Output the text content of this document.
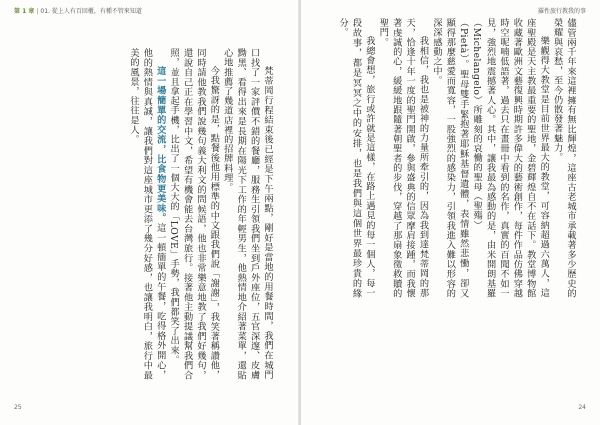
第 1 章 | 01. 從上人有百回櫃，有種不管來知道

梵蒂岡行程結束後已經是下午兩點，剛好是當地的用餐時間，我們在城門口找了一家評價不錯的餐廳，服務生引領我們坐到戶外座位，五官深邃、皮膚黝黑、看得出來是長期在陽光下工作的年輕男生，他熱情地介紹著菜單，還貼心地推薦了幾道店裡的招牌料理。

今我驚訝的是，點餐後他用標準的中文跟我們說「謝謝」，我笑著稱讚他，同時請他教我們說幾句義大利文的問候語，他也非常樂意地教了我們好幾句，還說自己正在學習中文，希望有機會能去台灣旅行。接著他主動提議幫我們合照，並且拿起手機，比出了一個大大的「LOVE」手勢，我們都笑了出來。

這一場簡單的交流，比食物更美味。這一頓簡單的午餐，吃得格外開心，他的熱情與真誠，讓我們對這座城市更添了幾分好感，也讓我明白，旅行中最美的風景，往往是人。

25
羅性旅行教我的事

儘管兩千年來這裡擁有無比輝煌，這座古老城市承載著多少歷史的榮耀與哀愁，至今仍散發著魅力。

樂觀得大教堂是目前世界最大的教堂，可容納超過六萬人，這座聖殿是天主教最重要的聖地，金碧輝煌自不在話下。教堂博物館收藏著歐洲文藝復興時期許多偉大的藝術創作，每件作品仿佛穿越時空呢喃低語著，過去只在畫冊中看到的名作，真實的百聞不如一見，強烈地震撼著人心。其中，讓我最為感動的是，由米開朗基羅（Michelangelo）所雕刻的哀慟的聖母（聖殤）

（Pietà）。聖母雙手緊抱著耶穌基督遺體，表情雖然悲慟，卻又顯得那麼慈愛而寬容，一股強烈的感染力，引領我進入難以形容的深深感動之中。

我相信，我也是被神的力量所牽引的，因為我到達梵蒂岡的那天，恰逢十年一度的聖門開啟，參與盛典的信眾摩肩接踵，而我懷著虔誠的心，緩緩地跟隨著朝聖者的步伐，穿越了那扇象徵救贖的聖門。

我總會想，旅行或許就是這樣，在路上遇見的每一個人，每一段故事，都是冥冥之中的安排，也是我們與這個世界最珍貴的緣分。

24
